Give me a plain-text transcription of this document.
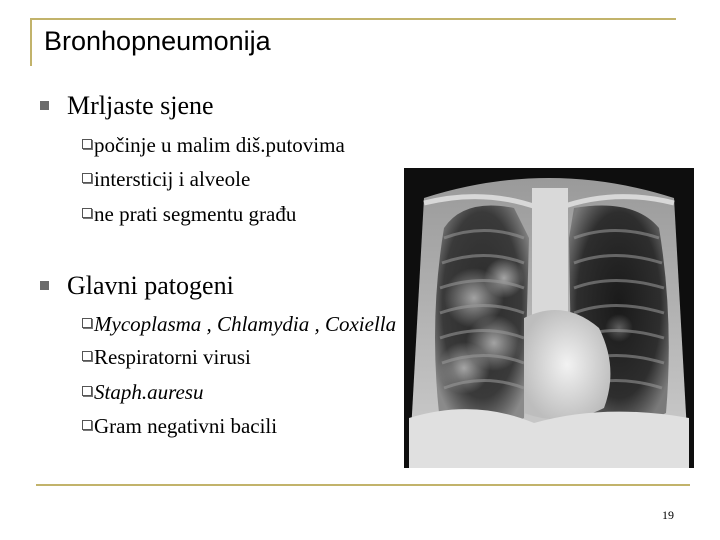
Bronhopneumonija
Mrljaste sjene
počinje u malim diš.putovima
intersticij i alveole
ne prati segmentu građu
Glavni patogeni
Mycoplasma , Chlamydia , Coxiella
Respiratorni virusi
Staph.auresu
Gram negativni bacili
19
